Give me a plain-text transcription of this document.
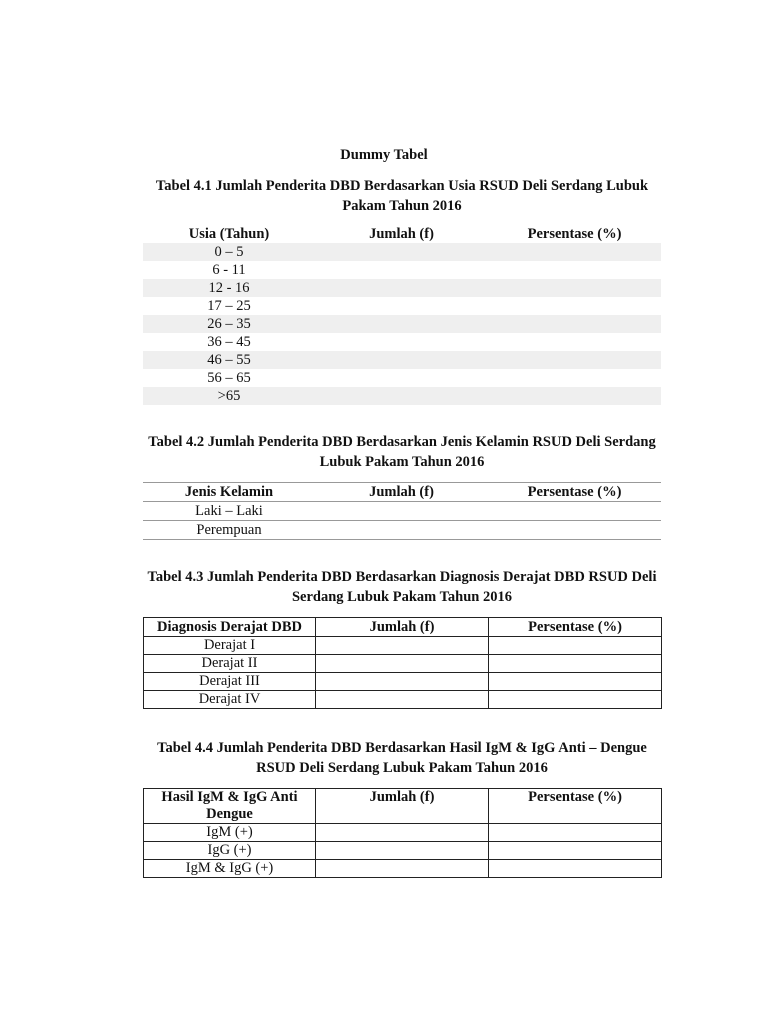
Dummy Tabel
Tabel 4.1 Jumlah Penderita DBD Berdasarkan Usia RSUD Deli Serdang Lubuk Pakam Tahun 2016
Usia (Tahun)	Jumlah (f)	Persentase (%)
0 – 5		
6 - 11		
12 - 16		
17 – 25		
26 – 35		
36 – 45		
46 – 55		
56 – 65		
>65		
Tabel 4.2 Jumlah Penderita DBD Berdasarkan Jenis Kelamin RSUD Deli Serdang Lubuk Pakam Tahun 2016
Jenis Kelamin	Jumlah (f)	Persentase (%)
Laki – Laki		
Perempuan		
Tabel 4.3 Jumlah Penderita DBD Berdasarkan Diagnosis Derajat DBD RSUD Deli Serdang Lubuk Pakam Tahun 2016
Diagnosis Derajat DBD	Jumlah (f)	Persentase (%)
Derajat I		
Derajat II		
Derajat III		
Derajat IV		
Tabel 4.4 Jumlah Penderita DBD Berdasarkan Hasil IgM & IgG Anti – Dengue RSUD Deli Serdang Lubuk Pakam Tahun 2016
Hasil IgM & IgG Anti Dengue	Jumlah (f)	Persentase (%)
IgM (+)		
IgG (+)		
IgM & IgG (+)		
